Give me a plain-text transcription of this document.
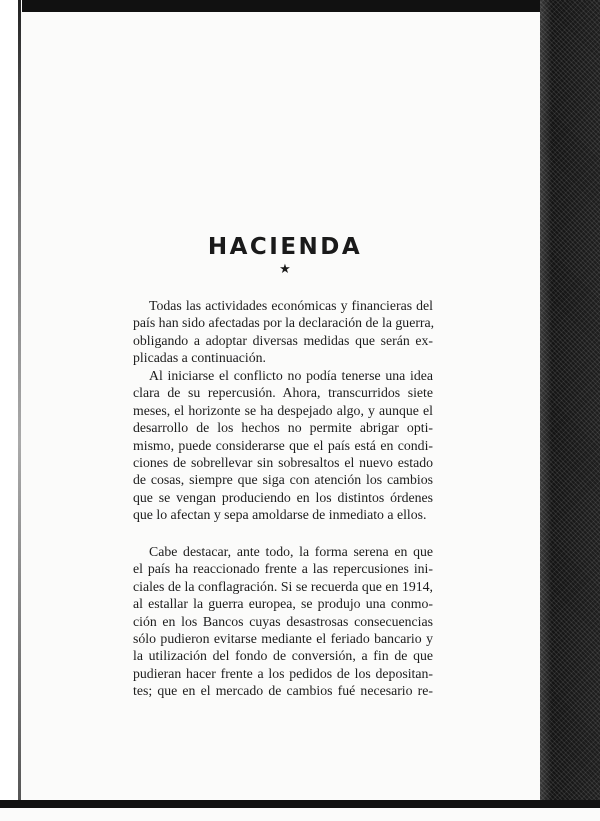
HACIENDA
★
Todas las actividades económicas y financieras del
país han sido afectadas por la declaración de la guerra,
obligando a adoptar diversas medidas que serán ex-
plicadas a continuación.
Al iniciarse el conflicto no podía tenerse una idea
clara de su repercusión. Ahora, transcurridos siete
meses, el horizonte se ha despejado algo, y aunque el
desarrollo de los hechos no permite abrigar opti-
mismo, puede considerarse que el país está en condi-
ciones de sobrellevar sin sobresaltos el nuevo estado
de cosas, siempre que siga con atención los cambios
que se vengan produciendo en los distintos órdenes
que lo afectan y sepa amoldarse de inmediato a ellos.
Cabe destacar, ante todo, la forma serena en que
el país ha reaccionado frente a las repercusiones ini-
ciales de la conflagración. Si se recuerda que en 1914,
al estallar la guerra europea, se produjo una conmo-
ción en los Bancos cuyas desastrosas consecuencias
sólo pudieron evitarse mediante el feriado bancario y
la utilización del fondo de conversión, a fin de que
pudieran hacer frente a los pedidos de los depositan-
tes; que en el mercado de cambios fué necesario re-
